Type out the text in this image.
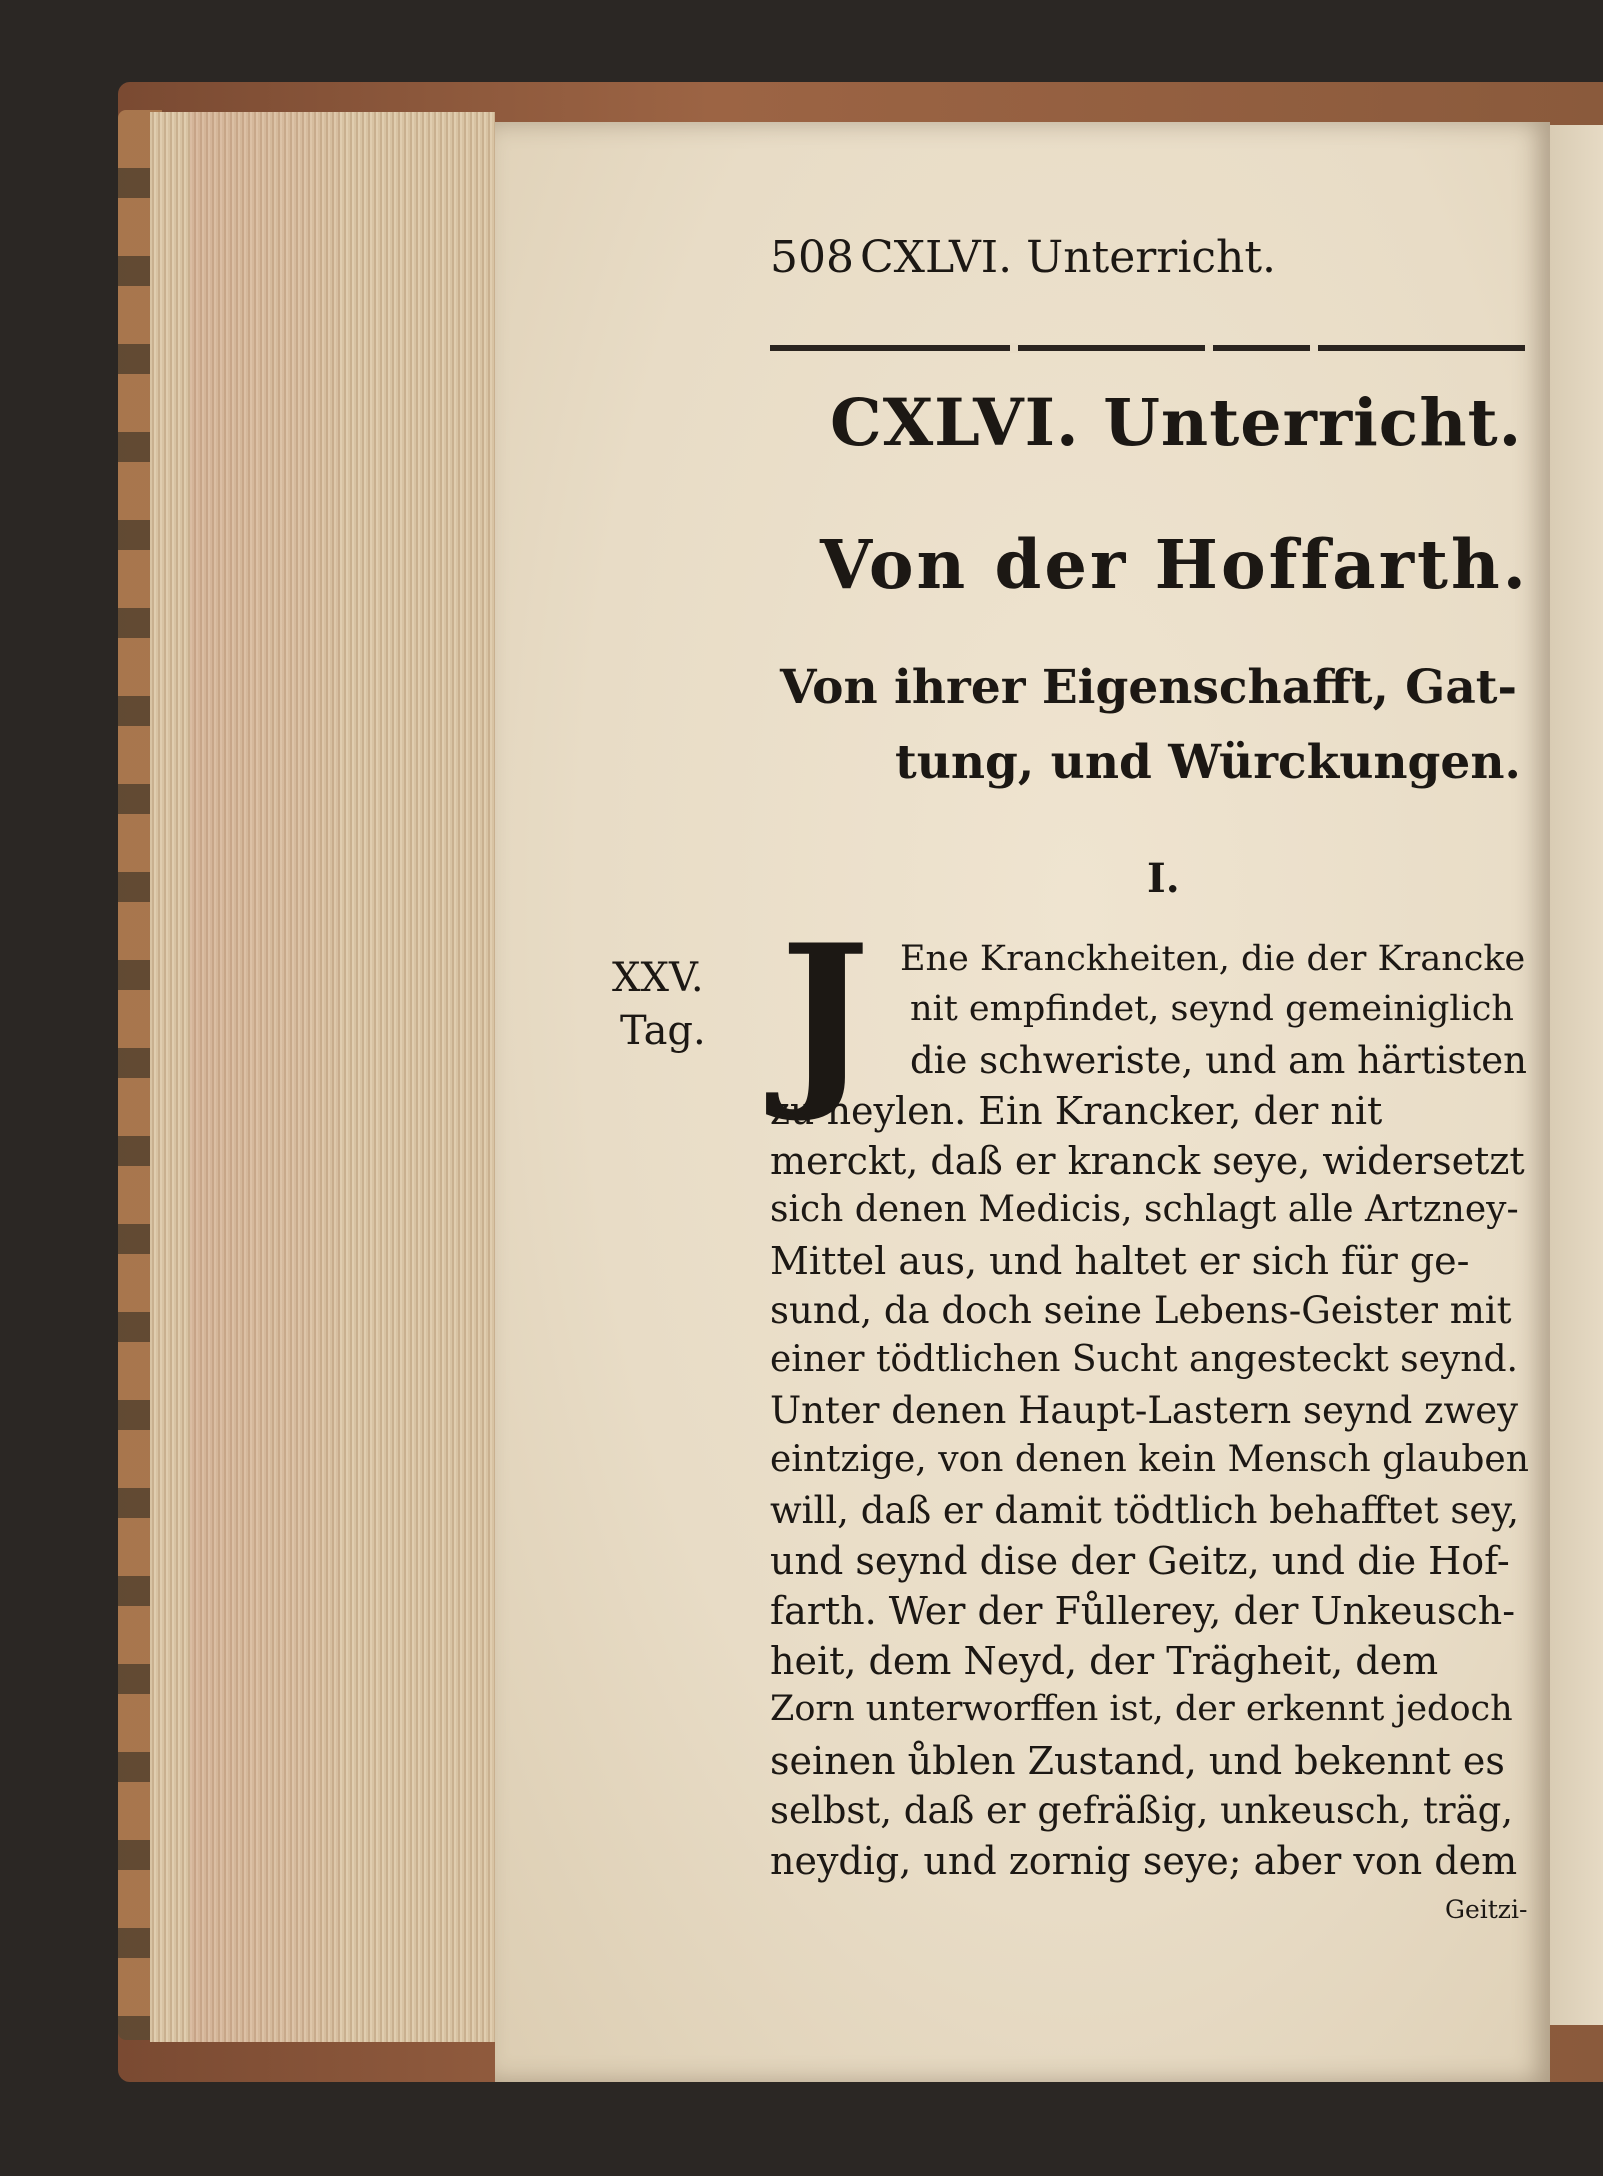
508 CXLVI. Unterricht.
CXLVI. Unterricht.
Von der Hoffarth.
Von ihrer Eigenschafft, Gat-
tung, und Würckungen.
I.
XXV.
Tag. J Ene Kranckheiten, die der Krancke
nit empfindet, seynd gemeiniglich
die schweriste, und am härtisten
zu heylen. Ein Krancker, der nit
merckt, daß er kranck seye, widersetzt
sich denen Medicis, schlagt alle Artzney-
Mittel aus, und haltet er sich für ge-
sund, da doch seine Lebens-Geister mit
einer tödtlichen Sucht angesteckt seynd.
Unter denen Haupt-Lastern seynd zwey
eintzige, von denen kein Mensch glauben
will, daß er damit tödtlich behafftet sey,
und seynd dise der Geitz, und die Hof-
farth. Wer der Fůllerey, der Unkeusch-
heit, dem Neyd, der Trägheit, dem
Zorn unterworffen ist, der erkennt jedoch
seinen ůblen Zustand, und bekennt es
selbst, daß er gefräßig, unkeusch, träg,
neydig, und zornig seye; aber von dem
Geitzi-
